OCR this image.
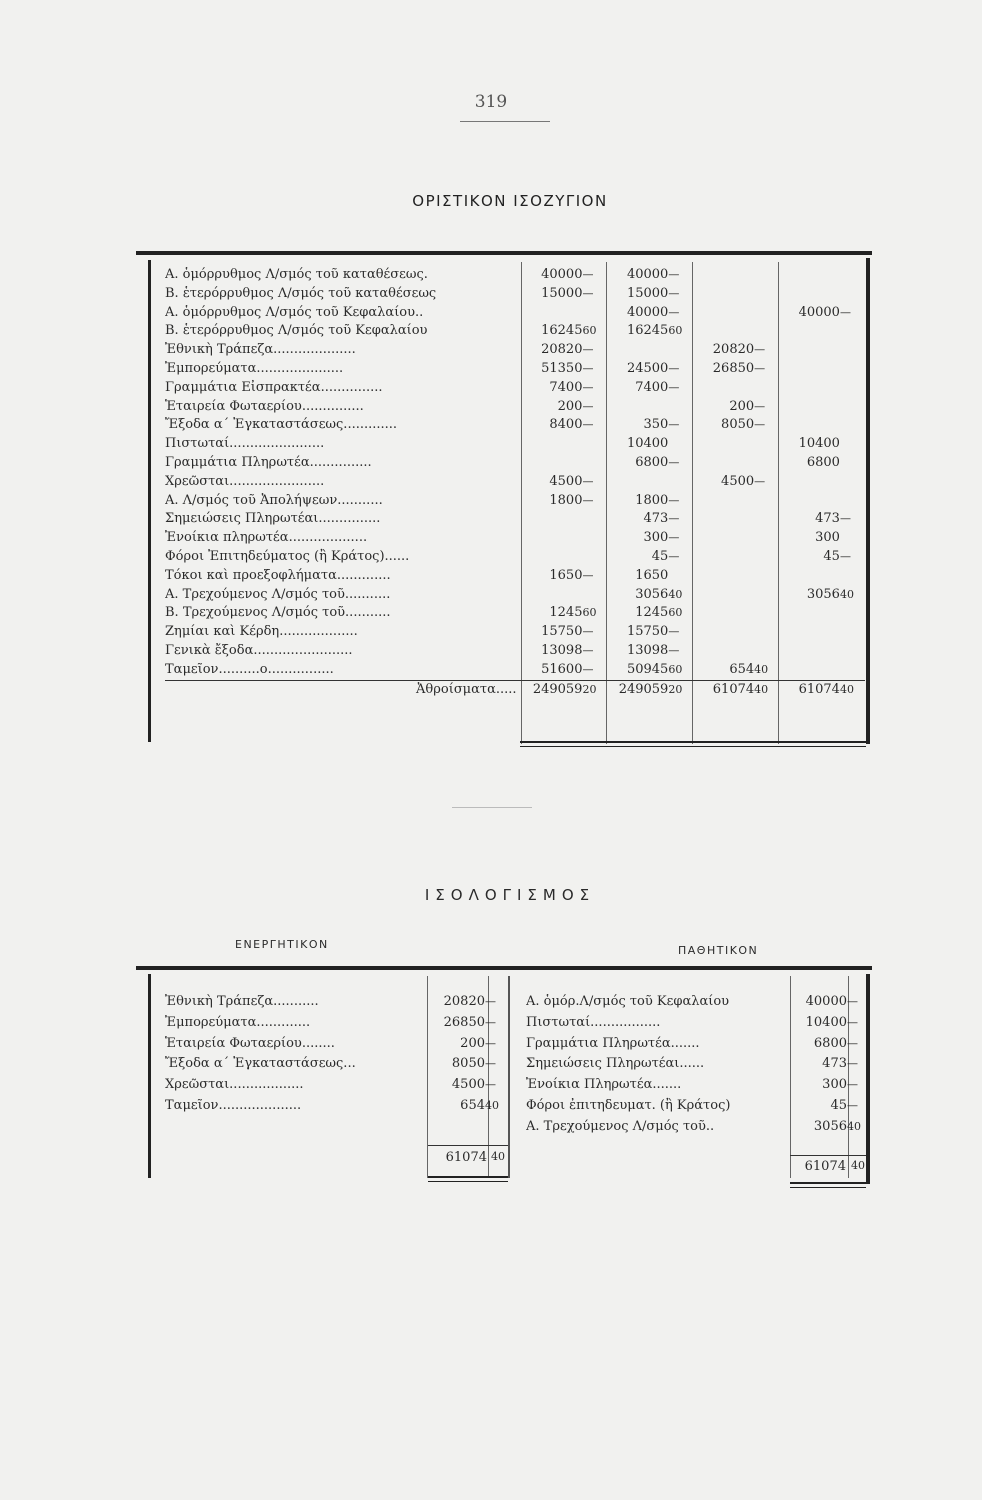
319
ΟΡΙΣΤΙΚΟΝ ΙΣΟΖΥΓΙΟΝ
Α. ὁμόρρυθμος Λ/σμός τοῦ καταθέσεως.	40000	—	40000	—				
Β. ἑτερόρρυθμος Λ/σμός τοῦ καταθέσεως	15000	—	15000	—				
Α. ὁμόρρυθμος Λ/σμός τοῦ Κεφαλαίου..			40000	—			40000	—
Β. ἑτερόρρυθμος Λ/σμός τοῦ Κεφαλαίου	16245	60	16245	60				
Ἐθνικὴ Τράπεζα....................	20820	—			20820	—		
Ἐμπορεύματα.....................	51350	—	24500	—	26850	—		
Γραμμάτια Εἰσπρακτέα...............	7400	—	7400	—				
Ἑταιρεία Φωταερίου...............	200	—			200	—		
Ἔξοδα α΄ Ἐγκαταστάσεως.............	8400	—	350	—	8050	—		
Πιστωταί.......................			10400				10400	
Γραμμάτια Πληρωτέα...............			6800	—			6800	
Χρεῶσται.......................	4500	—			4500	—		
Α. Λ/σμός τοῦ Ἀπολήψεων...........	1800	—	1800	—				
Σημειώσεις Πληρωτέαι...............			473	—			473	—
Ἐνοίκια πληρωτέα...................			300	—			300	
Φόροι Ἐπιτηδεύματος (ἢ Κράτος)......			45	—			45	—
Τόκοι καὶ προεξοφλήματα.............	1650	—	1650					
Α. Τρεχούμενος Λ/σμός τοῦ...........			3056	40			3056	40
Β. Τρεχούμενος Λ/σμός τοῦ...........	1245	60	1245	60				
Ζημίαι καὶ Κέρδη...................	15750	—	15750	—				
Γενικὰ ἔξοδα........................	13098	—	13098	—				
Ταμεῖον..........ο................	51600	—	50945	60	654	40		
Ἀθροίσματα.....	249059	20	249059	20	61074	40	61074	40
ΙΣΟΛΟΓΙΣΜΟΣ
ΕΝΕΡΓΗΤΙΚΟΝ	ΠΑΘΗΤΙΚΟΝ
Ἐθνικὴ Τράπεζα...........	20820	—
Ἐμπορεύματα.............	26850	—
Ἑταιρεία Φωταερίου........	200	—
Ἔξοδα α΄ Ἐγκαταστάσεως...	8050	—
Χρεῶσται..................	4500	—
Ταμεῖον....................	654	40
Α. ὁμόρ.Λ/σμός τοῦ Κεφαλαίου	40000	—
Πιστωταί.................	10400	—
Γραμμάτια Πληρωτέα.......	6800	—
Σημειώσεις Πληρωτέαι......	473	—
Ἐνοίκια Πληρωτέα.......	300	—
Φόροι ἐπιτηδευματ. (ἢ Κράτος)	45	—
Α. Τρεχούμενος Λ/σμός τοῦ..	3056	40
61074 40
61074 40
